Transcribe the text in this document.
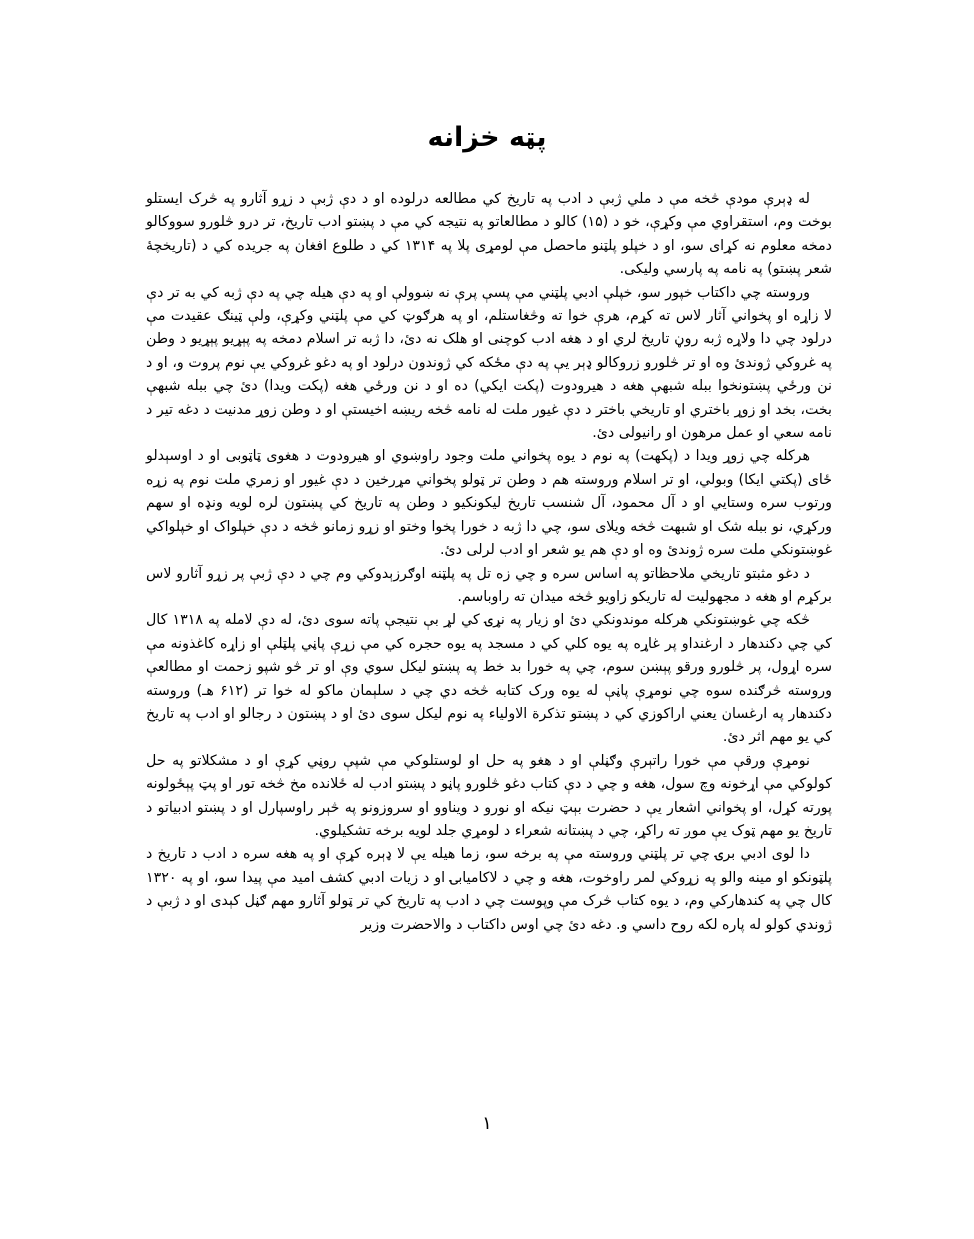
پټه خزانه

له ډېرې مودې څخه مې د ملي ژبې د ادب په تاريخ کي مطالعه درلوده او د دې ژبې د زړو آثارو په څرک ايستلو بوخت وم، استقراوي مې وکړې، خو د (۱۵) کالو د مطالعاتو په نتيجه کي مې د پښتو ادب تاريخ، تر درو څلورو سووکالو دمخه معلوم نه کړای سو، او د خپلو پلټنو ماحصل مې لومړی پلا په ۱۳۱۴ کي د طلوع افغان په جريده کي د (تاريخچهٔ شعر پښتو) په نامه په پارسي وليکی.

وروسته چي داکتاب خپور سو، خپلې ادبي پلټني مې پسې پرې نه ښوولې او په دې هيله چي په دې ژبه کي به تر دې لا زاړه او پخواني آثار لاس ته کړم، هرې خوا ته وڅغاستلم، او په هرګوټ کي مې پلټني وکړې، ولې ټينګ عقيدت مې درلود چي دا ولاړه ژبه روڼ تاريخ لري او د هغه ادب کوچنی او هلک نه دئ، دا ژبه تر اسلام دمخه په پېړيو پېړيو د وطن په غروکي ژوندئ وه او تر څلورو زروکالو ډېر يې په دې مځکه کي ژوندون درلود او په دغو غروکي يې نوم پروت و، او د نن ورځي پښتونخوا ببله شبهې هغه د هيرودوت (پکت ايکي) ده او د نن ورځي هغه (پکت ويدا) دئ چي ببله شبهې بخت، بخد او زوړ باختري او تاريخي باختر د دې غيور ملت له نامه څخه ريښه اخيستې او د وطن زوړ مدنيت د دغه تير د نامه سعي او عمل مرهون او رانيولی دئ.

هرکله چي زوړ ويدا د (پکهت) په نوم د يوه پخواني ملت وجود راوښوي او هيرودوت د هغوی ټاټوبی او د اوسېدلو ځای (پکتي ايکا) وبولي، او تر اسلام وروسته هم د وطن تر ټولو پخواني مړرخين د دې غيور او زمري ملت نوم په زړه ورتوب سره وستايي او د آل محمود، آل شنسب تاريخ ليکونکيو د وطن په تاريخ کي پښتون لره لويه ونډه او سهم ورکړي، نو ببله شک او شبهت څخه ويلای سو، چي دا ژبه د خورا پخوا وختو او زړو زمانو څخه د دې خپلواک او خپلواکي غوښتونکي ملت سره ژوندئ وه او دې هم يو شعر او ادب لرلی دئ.

د دغو مثبتو تاريخي ملاحظاتو په اساس سره و چي زه تل په پلټنه اوګرزېدوکي وم چي د دې ژبې پر زړو آثارو لاس برکړم او هغه د مجهوليت له تاريکو زاويو څخه ميدان ته راوباسم.

څکه چي غوښتونکي هرکله موندونکي دئ او زيار په نړۍ کي لړ بې نتيجې پاته سوی دئ، له دې لامله په ۱۳۱۸ کال کي چي دکندهار د ارغنداو پر غاړه په يوه کلي کي د مسجد په يوه حجره کي مې زړې پاڼي پلټلې او زاړه کاغذونه مې سره اړول، پر څلورو ورقو پېښن سوم، چي په خورا بد خط په پښتو ليکل سوي وې او تر څو شپو زحمت او مطالعې وروسته څرګنده سوه چي نومړې پاڼې له يوه ورک کتابه څخه دي چي د سلېمان ماکو له خوا تر (۶۱۲ هـ) وروسته دکندهار په ارغسان يعني اراکوزي کي د پښتو تذکرة الاولياء په نوم ليکل سوی دئ او د پښتون د رجالو او ادب په تاريخ کي يو مهم اثر دئ.

نومړې ورقې مې خورا راتېرې وګڼلې او د هغو په حل او لوستلوکي مې شپې روڼي کړې او د مشکلاتو په حل کولوکي مې اړخونه وچ سول، هغه و چي د دې کتاب دغو څلورو پاڼو د پښتو ادب له ځلانده مخ څخه تور او پټ پېځولونه پورته کړل، او پخواني اشعار يې د حضرت بېټ نيکه او نورو د ويناوو او سروزونو په څېر راوسپارل او د پښتو ادبياتو د تاريخ يو مهم ټوک يې موږ ته راکړ، چي د پښتانه شعراء د لومړي جلد لويه برخه تشکيلوي.

دا لوی ادبي برۍ چي تر پلټني وروسته مې په برخه سو، زما هيله يې لا ډېره کړې او په هغه سره د ادب د تاريخ د پلټونکو او مينه والو په زړوکي لمر راوخوت، هغه و چي د لاکاميابۍ او د زيات ادبي کشف اميد مې پيدا سو، او په ۱۳۲۰ کال چي په کندهارکي وم، د يوه کتاب څرک مې وپوست چي د ادب په تاريخ کي تر ټولو آثارو مهم ګڼل کېدی او د ژبې د ژوندي کولو له پاره لکه روح داسي و. دغه دئ چي اوس داکتاب د والاحضرت وزير

۱
